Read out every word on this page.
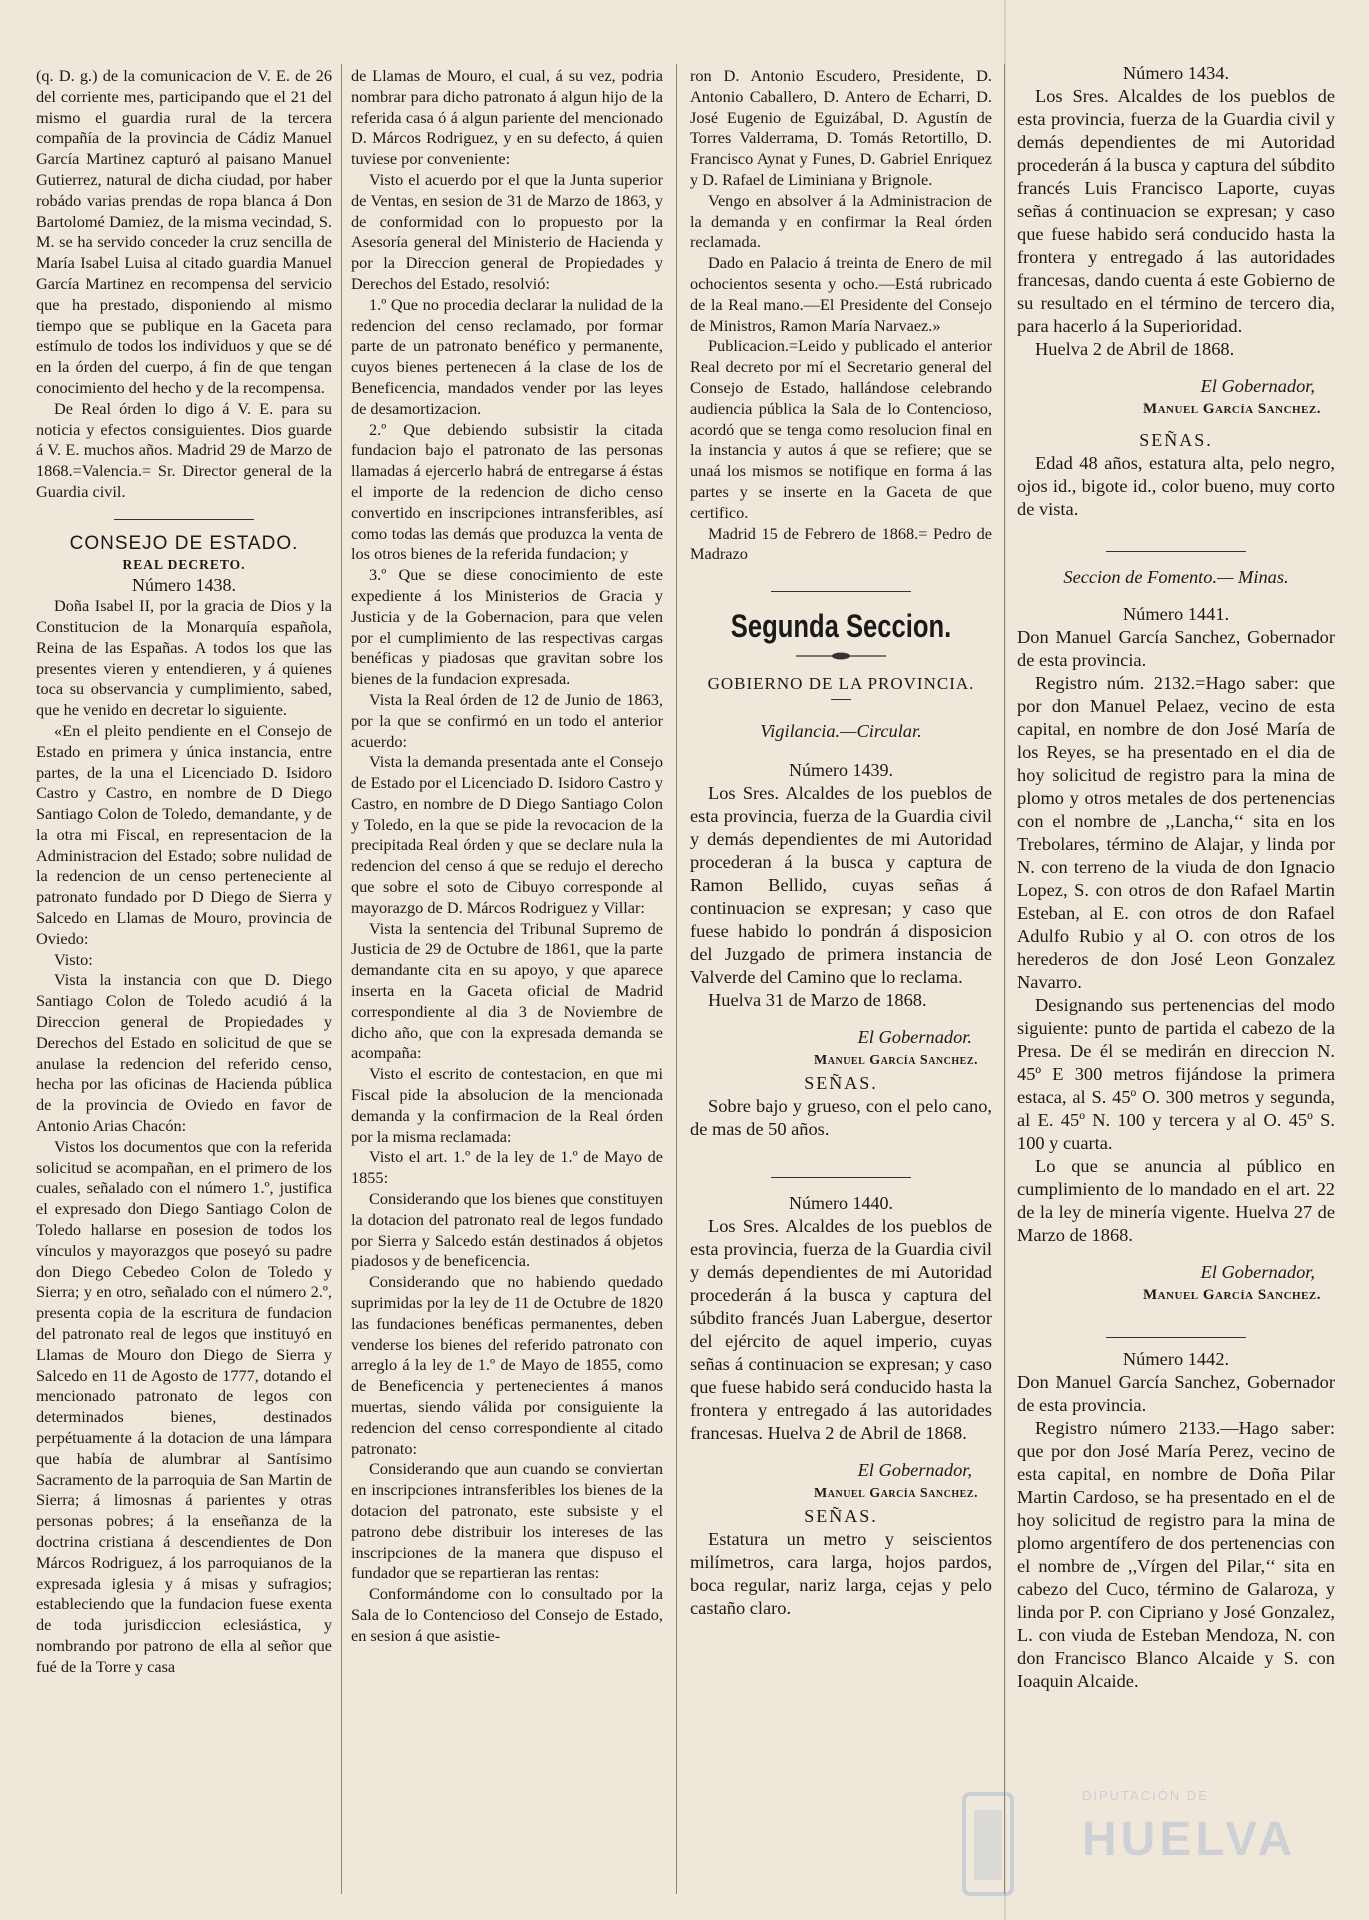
(q. D. g.) de la comunicacion de V. E. de 26 del corriente mes, participando que el 21 del mismo el guardia rural de la tercera compañía de la provincia de Cádiz Manuel García Martinez capturó al paisano Manuel Gutierrez, natural de dicha ciudad, por haber robádo varias prendas de ropa blanca á Don Bartolomé Damiez, de la misma vecindad, S. M. se ha servido conceder la cruz sencilla de María Isabel Luisa al citado guardia Manuel García Martinez en recompensa del servicio que ha prestado, disponiendo al mismo tiempo que se publique en la Gaceta para estímulo de todos los individuos y que se dé en la órden del cuerpo, á fin de que tengan conocimiento del hecho y de la recompensa.

De Real órden lo digo á V. E. para su noticia y efectos consiguientes. Dios guarde á V. E. muchos años. Madrid 29 de Marzo de 1868.=Valencia.= Sr. Director general de la Guardia civil.

CONSEJO DE ESTADO.

REAL DECRETO.

Número 1438.

Doña Isabel II, por la gracia de Dios y la Constitucion de la Monarquía española, Reina de las Españas. A todos los que las presentes vieren y entendieren, y á quienes toca su observancia y cumplimiento, sabed, que he venido en decretar lo siguiente.

«En el pleito pendiente en el Consejo de Estado en primera y única instancia, entre partes, de la una el Licenciado D. Isidoro Castro y Castro, en nombre de D Diego Santiago Colon de Toledo, demandante, y de la otra mi Fiscal, en representacion de la Administracion del Estado; sobre nulidad de la redencion de un censo perteneciente al patronato fundado por D Diego de Sierra y Salcedo en Llamas de Mouro, provincia de Oviedo:

Visto:

Vista la instancia con que D. Diego Santiago Colon de Toledo acudió á la Direccion general de Propiedades y Derechos del Estado en solicitud de que se anulase la redencion del referido censo, hecha por las oficinas de Hacienda pública de la provincia de Oviedo en favor de Antonio Arias Chacón:

Vistos los documentos que con la referida solicitud se acompañan, en el primero de los cuales, señalado con el número 1.º, justifica el expresado don Diego Santiago Colon de Toledo hallarse en posesion de todos los vínculos y mayorazgos que poseyó su padre don Diego Cebedeo Colon de Toledo y Sierra; y en otro, señalado con el número 2.º, presenta copia de la escritura de fundacion del patronato real de legos que instituyó en Llamas de Mouro don Diego de Sierra y Salcedo en 11 de Agosto de 1777, dotando el mencionado patronato de legos con determinados bienes, destinados perpétuamente á la dotacion de una lámpara que había de alumbrar al Santísimo Sacramento de la parroquia de San Martin de Sierra; á limosnas á parientes y otras personas pobres; á la enseñanza de la doctrina cristiana á descendientes de Don Márcos Rodriguez, á los parroquianos de la expresada iglesia y á misas y sufragios; estableciendo que la fundacion fuese exenta de toda jurisdiccion eclesiástica, y nombrando por patrono de ella al señor que fué de la Torre y casa

de Llamas de Mouro, el cual, á su vez, podria nombrar para dicho patronato á algun hijo de la referida casa ó á algun pariente del mencionado D. Márcos Rodriguez, y en su defecto, á quien tuviese por conveniente:

Visto el acuerdo por el que la Junta superior de Ventas, en sesion de 31 de Marzo de 1863, y de conformidad con lo propuesto por la Asesoría general del Ministerio de Hacienda y por la Direccion general de Propiedades y Derechos del Estado, resolvió:

1.º Que no procedia declarar la nulidad de la redencion del censo reclamado, por formar parte de un patronato benéfico y permanente, cuyos bienes pertenecen á la clase de los de Beneficencia, mandados vender por las leyes de desamortizacion.

2.º Que debiendo subsistir la citada fundacion bajo el patronato de las personas llamadas á ejercerlo habrá de entregarse á éstas el importe de la redencion de dicho censo convertido en inscripciones intransferibles, así como todas las demás que produzca la venta de los otros bienes de la referida fundacion; y

3.º Que se diese conocimiento de este expediente á los Ministerios de Gracia y Justicia y de la Gobernacion, para que velen por el cumplimiento de las respectivas cargas benéficas y piadosas que gravitan sobre los bienes de la fundacion expresada.

Vista la Real órden de 12 de Junio de 1863, por la que se confirmó en un todo el anterior acuerdo:

Vista la demanda presentada ante el Consejo de Estado por el Licenciado D. Isidoro Castro y Castro, en nombre de D Diego Santiago Colon y Toledo, en la que se pide la revocacion de la precipitada Real órden y que se declare nula la redencion del censo á que se redujo el derecho que sobre el soto de Cibuyo corresponde al mayorazgo de D. Márcos Rodriguez y Villar:

Vista la sentencia del Tribunal Supremo de Justicia de 29 de Octubre de 1861, que la parte demandante cita en su apoyo, y que aparece inserta en la Gaceta oficial de Madrid correspondiente al dia 3 de Noviembre de dicho año, que con la expresada demanda se acompaña:

Visto el escrito de contestacion, en que mi Fiscal pide la absolucion de la mencionada demanda y la confirmacion de la Real órden por la misma reclamada:

Visto el art. 1.º de la ley de 1.º de Mayo de 1855:

Considerando que los bienes que constituyen la dotacion del patronato real de legos fundado por Sierra y Salcedo están destinados á objetos piadosos y de beneficencia.

Considerando que no habiendo quedado suprimidas por la ley de 11 de Octubre de 1820 las fundaciones benéficas permanentes, deben venderse los bienes del referido patronato con arreglo á la ley de 1.º de Mayo de 1855, como de Beneficencia y pertenecientes á manos muertas, siendo válida por consiguiente la redencion del censo correspondiente al citado patronato:

Considerando que aun cuando se conviertan en inscripciones intransferibles los bienes de la dotacion del patronato, este subsiste y el patrono debe distribuir los intereses de las inscripciones de la manera que dispuso el fundador que se repartieran las rentas:

Conformándome con lo consultado por la Sala de lo Contencioso del Consejo de Estado, en sesion á que asistie-

ron D. Antonio Escudero, Presidente, D. Antonio Caballero, D. Antero de Echarri, D. José Eugenio de Eguizábal, D. Agustín de Torres Valderrama, D. Tomás Retortillo, D. Francisco Aynat y Funes, D. Gabriel Enriquez y D. Rafael de Liminiana y Brignole.

Vengo en absolver á la Administracion de la demanda y en confirmar la Real órden reclamada.

Dado en Palacio á treinta de Enero de mil ochocientos sesenta y ocho.—Está rubricado de la Real mano.—El Presidente del Consejo de Ministros, Ramon María Narvaez.»

Publicacion.=Leido y publicado el anterior Real decreto por mí el Secretario general del Consejo de Estado, hallándose celebrando audiencia pública la Sala de lo Contencioso, acordó que se tenga como resolucion final en la instancia y autos á que se refiere; que se unaá los mismos se notifique en forma á las partes y se inserte en la Gaceta de que certifico.

Madrid 15 de Febrero de 1868.= Pedro de Madrazo

Segunda Seccion.

GOBIERNO DE LA PROVINCIA.

Vigilancia.—Circular.

Número 1439.

Los Sres. Alcaldes de los pueblos de esta provincia, fuerza de la Guardia civil y demás dependientes de mi Autoridad procederan á la busca y captura de Ramon Bellido, cuyas señas á continuacion se expresan; y caso que fuese habido lo pondrán á disposicion del Juzgado de primera instancia de Valverde del Camino que lo reclama.

Huelva 31 de Marzo de 1868.

El Gobernador.

Manuel García Sanchez.

SEÑAS.

Sobre bajo y grueso, con el pelo cano, de mas de 50 años.

Número 1440.

Los Sres. Alcaldes de los pueblos de esta provincia, fuerza de la Guardia civil y demás dependientes de mi Autoridad procederán á la busca y captura del súbdito francés Juan Labergue, desertor del ejército de aquel imperio, cuyas señas á continuacion se expresan; y caso que fuese habido será conducido hasta la frontera y entregado á las autoridades francesas. Huelva 2 de Abril de 1868.

El Gobernador,

Manuel García Sanchez.

SEÑAS.

Estatura un metro y seiscientos milímetros, cara larga, hojos pardos, boca regular, nariz larga, cejas y pelo castaño claro.

Número 1434.

Los Sres. Alcaldes de los pueblos de esta provincia, fuerza de la Guardia civil y demás dependientes de mi Autoridad procederán á la busca y captura del súbdito francés Luis Francisco Laporte, cuyas señas á continuacion se expresan; y caso que fuese habido será conducido hasta la frontera y entregado á las autoridades francesas, dando cuenta á este Gobierno de su resultado en el término de tercero dia, para hacerlo á la Superioridad.

Huelva 2 de Abril de 1868.

El Gobernador,

Manuel García Sanchez.

SEÑAS.

Edad 48 años, estatura alta, pelo negro, ojos id., bigote id., color bueno, muy corto de vista.

Seccion de Fomento.— Minas.

Número 1441.

Don Manuel García Sanchez, Gobernador de esta provincia.

Registro núm. 2132.=Hago saber: que por don Manuel Pelaez, vecino de esta capital, en nombre de don José María de los Reyes, se ha presentado en el dia de hoy solicitud de registro para la mina de plomo y otros metales de dos pertenencias con el nombre de ,,Lancha,‘‘ sita en los Trebolares, término de Alajar, y linda por N. con terreno de la viuda de don Ignacio Lopez, S. con otros de don Rafael Martin Esteban, al E. con otros de don Rafael Adulfo Rubio y al O. con otros de los herederos de don José Leon Gonzalez Navarro.

Designando sus pertenencias del modo siguiente: punto de partida el cabezo de la Presa. De él se medirán en direccion N. 45º E 300 metros fijándose la primera estaca, al S. 45º O. 300 metros y segunda, al E. 45º N. 100 y tercera y al O. 45º S. 100 y cuarta.

Lo que se anuncia al público en cumplimiento de lo mandado en el art. 22 de la ley de minería vigente. Huelva 27 de Marzo de 1868.

El Gobernador,

Manuel García Sanchez.

Número 1442.

Don Manuel García Sanchez, Gobernador de esta provincia.

Registro número 2133.—Hago saber: que por don José María Perez, vecino de esta capital, en nombre de Doña Pilar Martin Cardoso, se ha presentado en el de hoy solicitud de registro para la mina de plomo argentífero de dos pertenencias con el nombre de ,,Vírgen del Pilar,‘‘ sita en cabezo del Cuco, término de Galaroza, y linda por P. con Cipriano y José Gonzalez, L. con viuda de Esteban Mendoza, N. con don Francisco Blanco Alcaide y S. con Ioaquin Alcaide.

DIPUTACIÓN DE
HUELVA
